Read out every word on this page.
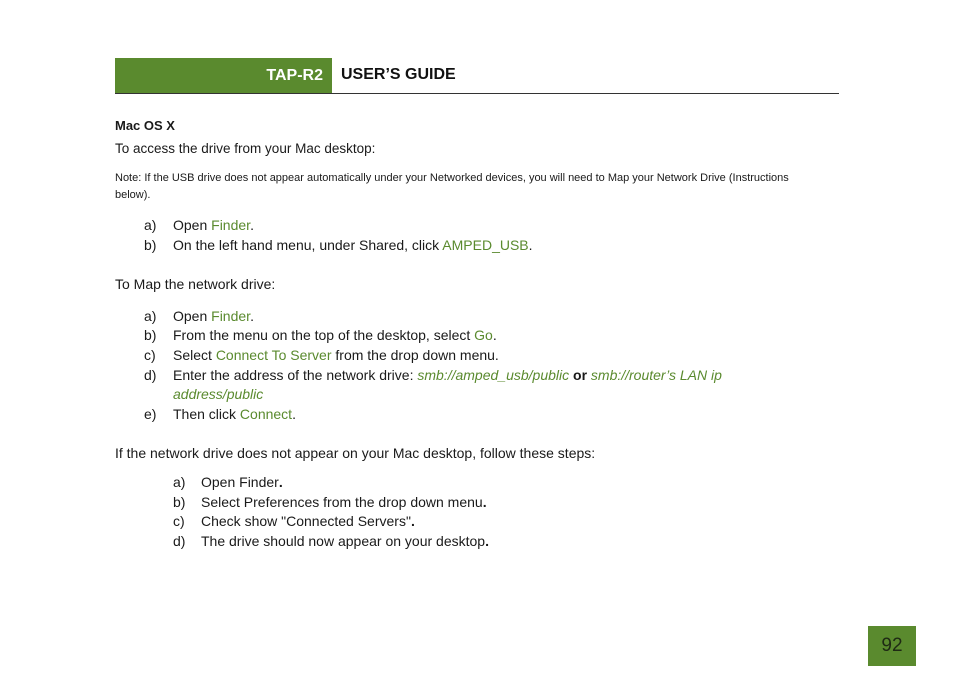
TAP-R2 USER’S GUIDE
Mac OS X
To access the drive from your Mac desktop:
Note: If the USB drive does not appear automatically under your Networked devices, you will need to Map your Network Drive (Instructions below).
a) Open Finder.
b) On the left hand menu, under Shared, click AMPED_USB.
To Map the network drive:
a) Open Finder.
b) From the menu on the top of the desktop, select Go.
c) Select Connect To Server from the drop down menu.
d) Enter the address of the network drive: smb://amped_usb/public or smb://router’s LAN ip
address/public
e) Then click Connect.
If the network drive does not appear on your Mac desktop, follow these steps:
a) Open Finder.
b) Select Preferences from the drop down menu.
c) Check show "Connected Servers".
d) The drive should now appear on your desktop.
92
